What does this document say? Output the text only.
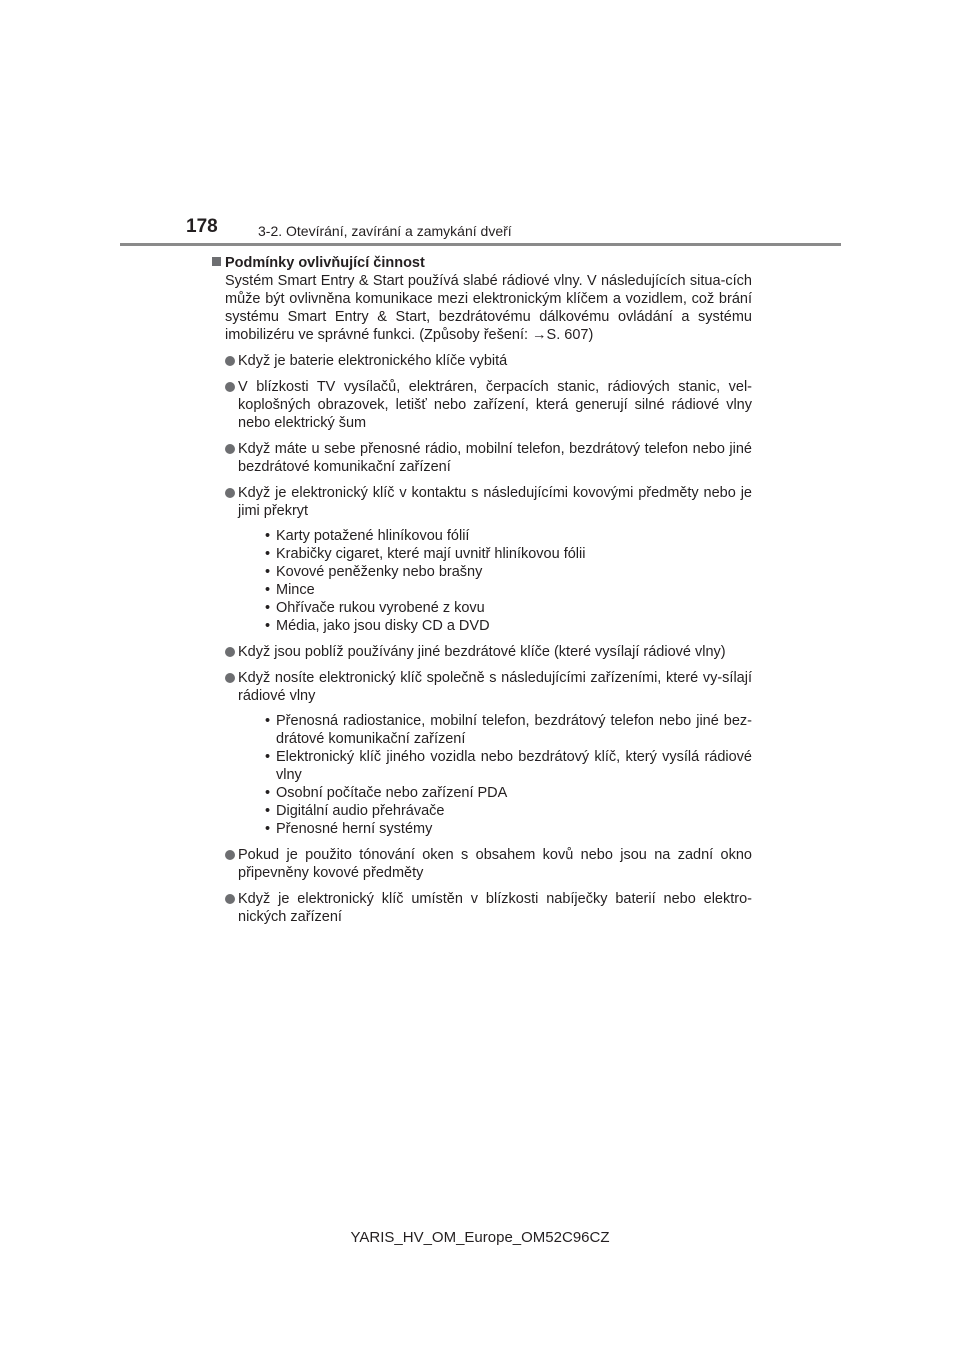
178	3-2. Otevírání, zavírání a zamykání dveří
Podmínky ovlivňující činnost

Systém Smart Entry & Start používá slabé rádiové vlny. V následujících situa-cích může být ovlivněna komunikace mezi elektronickým klíčem a vozidlem, což brání systému Smart Entry & Start, bezdrátovému dálkovému ovládání a systému imobilizéru ve správné funkci. (Způsoby řešení: →S. 607)

Když je baterie elektronického klíče vybitá
V blízkosti TV vysílačů, elektráren, čerpacích stanic, rádiových stanic, vel-koplošných obrazovek, letišť nebo zařízení, která generují silné rádiové vlny nebo elektrický šum
Když máte u sebe přenosné rádio, mobilní telefon, bezdrátový telefon nebo jiné bezdrátové komunikační zařízení
Když je elektronický klíč v kontaktu s následujícími kovovými předměty nebo je jimi překryt
• Karty potažené hliníkovou fólií
• Krabičky cigaret, které mají uvnitř hliníkovou fólii
• Kovové peněženky nebo brašny
• Mince
• Ohřívače rukou vyrobené z kovu
• Média, jako jsou disky CD a DVD
Když jsou poblíž používány jiné bezdrátové klíče (které vysílají rádiové vlny)
Když nosíte elektronický klíč společně s následujícími zařízeními, které vy-sílají rádiové vlny
• Přenosná radiostanice, mobilní telefon, bezdrátový telefon nebo jiné bez-drátové komunikační zařízení
• Elektronický klíč jiného vozidla nebo bezdrátový klíč, který vysílá rádiové vlny
• Osobní počítače nebo zařízení PDA
• Digitální audio přehrávače
• Přenosné herní systémy
Pokud je použito tónování oken s obsahem kovů nebo jsou na zadní okno připevněny kovové předměty
Když je elektronický klíč umístěn v blízkosti nabíječky baterií nebo elektro-nických zařízení
YARIS_HV_OM_Europe_OM52C96CZ
